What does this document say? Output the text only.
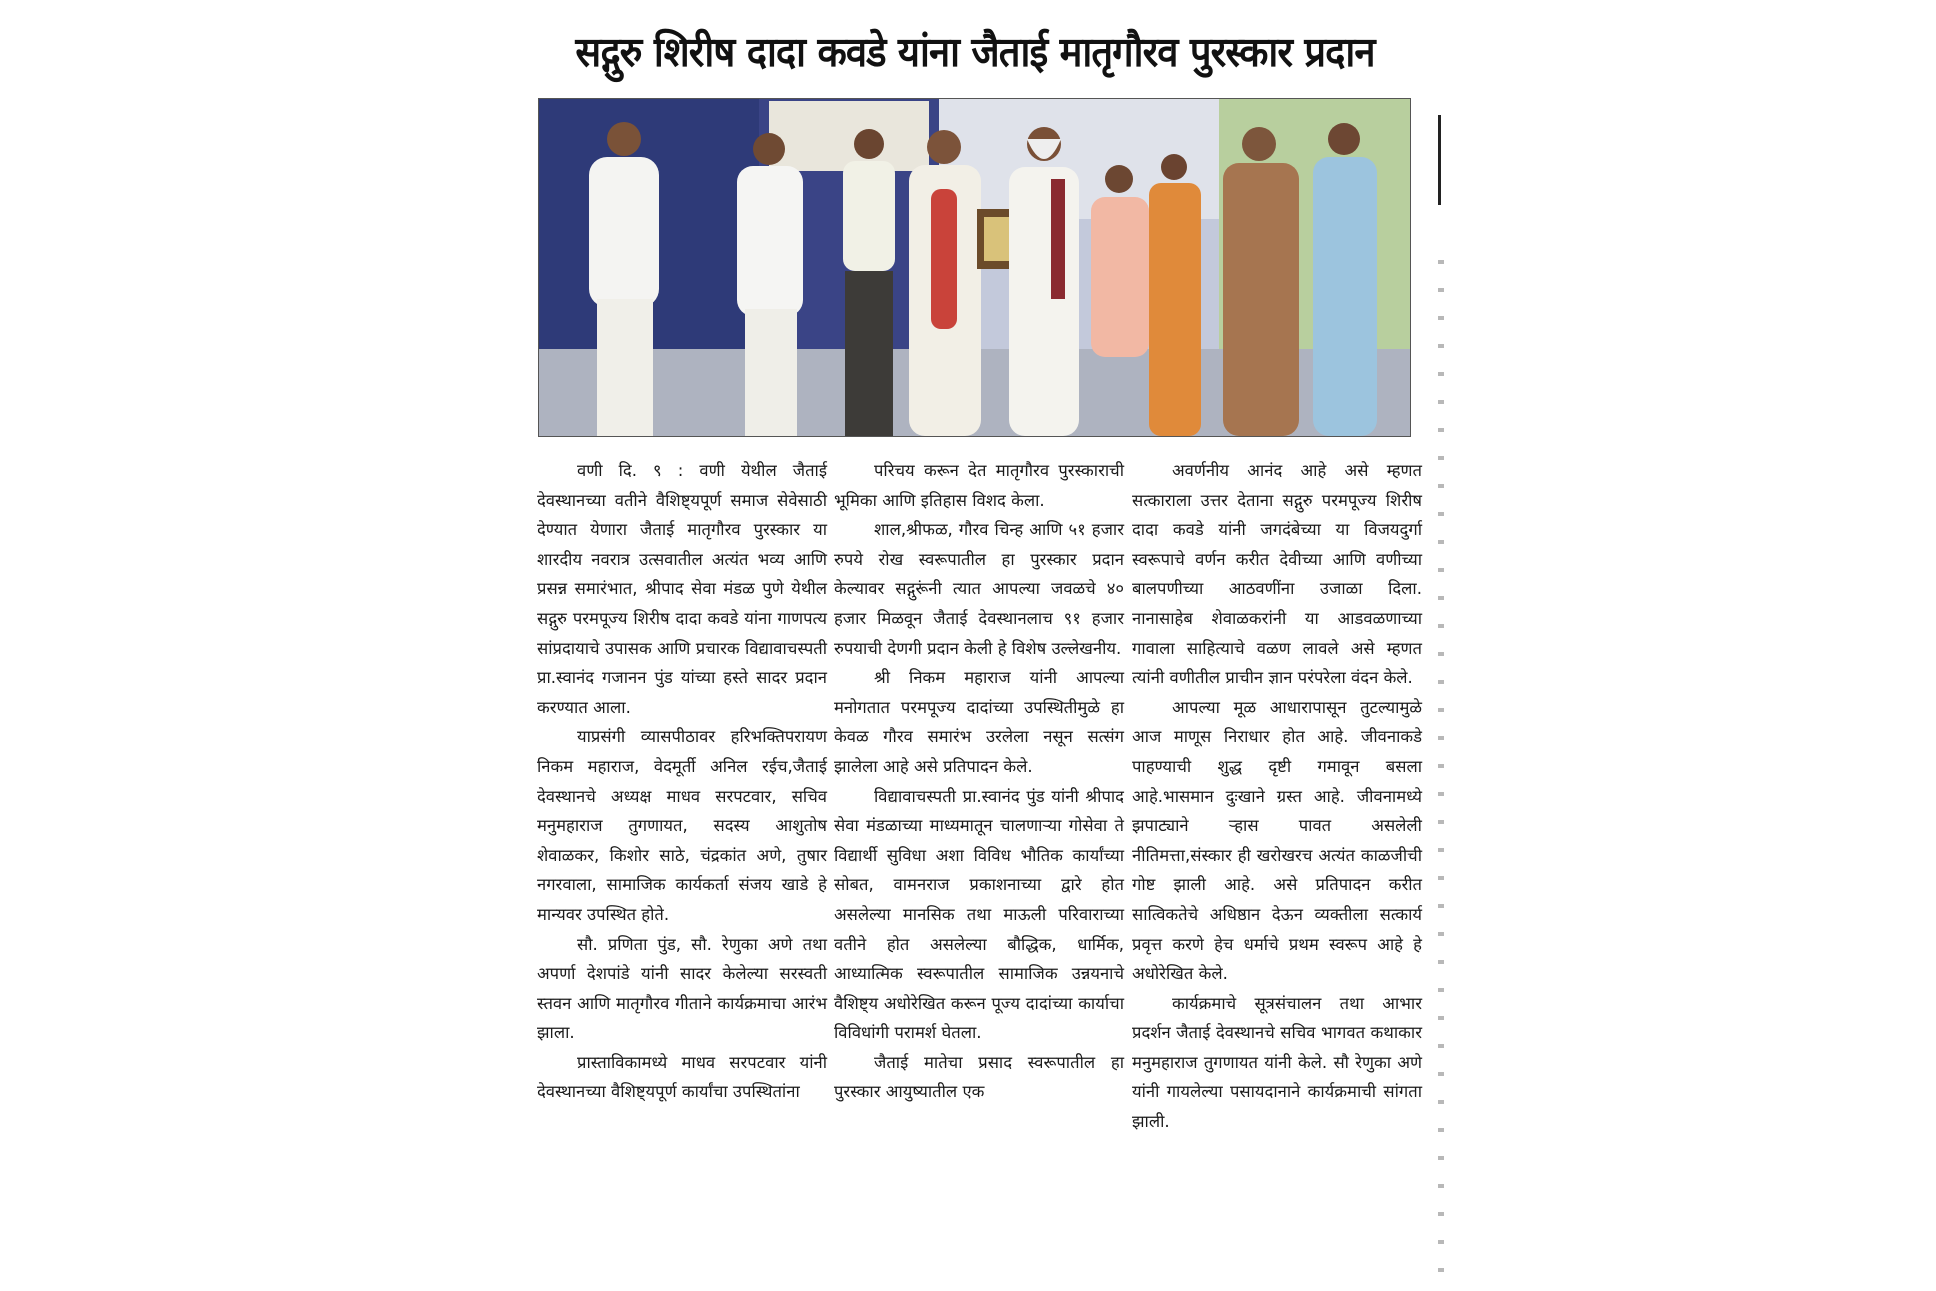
सद्गुरु शिरीष दादा कवडे यांना जैताई मातृगौरव पुरस्कार प्रदान

वणी दि. ९ : वणी येथील जैताई देवस्थानच्या वतीने वैशिष्ट्यपूर्ण समाज सेवेसाठी देण्यात येणारा जैताई मातृगौरव पुरस्कार या शारदीय नवरात्र उत्सवातील अत्यंत भव्य आणि प्रसन्न समारंभात, श्रीपाद सेवा मंडळ पुणे येथील सद्गुरु परमपूज्य शिरीष दादा कवडे यांना गाणपत्य सांप्रदायाचे उपासक आणि प्रचारक विद्यावाचस्पती प्रा.स्वानंद गजानन पुंड यांच्या हस्ते सादर प्रदान करण्यात आला.

याप्रसंगी व्यासपीठावर हरिभक्तिपरायण निकम महाराज, वेदमूर्ती अनिल रईच,जैताई देवस्थानचे अध्यक्ष माधव सरपटवार, सचिव मनुमहाराज तुगणायत, सदस्य आशुतोष शेवाळकर, किशोर साठे, चंद्रकांत अणे, तुषार नगरवाला, सामाजिक कार्यकर्ता संजय खाडे हे मान्यवर उपस्थित होते.

सौ. प्रणिता पुंड, सौ. रेणुका अणे तथा अपर्णा देशपांडे यांनी सादर केलेल्या सरस्वती स्तवन आणि मातृगौरव गीताने कार्यक्रमाचा आरंभ झाला.

प्रास्ताविकामध्ये माधव सरपटवार यांनी देवस्थानच्या वैशिष्ट्यपूर्ण कार्यांचा उपस्थितांना

परिचय करून देत मातृगौरव पुरस्काराची भूमिका आणि इतिहास विशद केला.

शाल,श्रीफळ, गौरव चिन्ह आणि ५१ हजार रुपये रोख स्वरूपातील हा पुरस्कार प्रदान केल्यावर सद्गुरूंनी त्यात आपल्या जवळचे ४० हजार मिळवून जैताई देवस्थानलाच ९१ हजार रुपयाची देणगी प्रदान केली हे विशेष उल्लेखनीय.

श्री निकम महाराज यांनी आपल्या मनोगतात परमपूज्य दादांच्या उपस्थितीमुळे हा केवळ गौरव समारंभ उरलेला नसून सत्संग झालेला आहे असे प्रतिपादन केले.

विद्यावाचस्पती प्रा.स्वानंद पुंड यांनी श्रीपाद सेवा मंडळाच्या माध्यमातून चालणाऱ्या गोसेवा ते विद्यार्थी सुविधा अशा विविध भौतिक कार्यांच्या सोबत, वामनराज प्रकाशनाच्या द्वारे होत असलेल्या मानसिक तथा माऊली परिवाराच्या वतीने होत असलेल्या बौद्धिक, धार्मिक, आध्यात्मिक स्वरूपातील सामाजिक उन्नयनाचे वैशिष्ट्य अधोरेखित करून पूज्य दादांच्या कार्याचा विविधांगी परामर्श घेतला.

जैताई मातेचा प्रसाद स्वरूपातील हा पुरस्कार आयुष्यातील एक

अवर्णनीय आनंद आहे असे म्हणत सत्काराला उत्तर देताना सद्गुरु परमपूज्य शिरीष दादा कवडे यांनी जगदंबेच्या या विजयदुर्गा स्वरूपाचे वर्णन करीत देवीच्या आणि वणीच्या बालपणीच्या आठवणींना उजाळा दिला. नानासाहेब शेवाळकरांनी या आडवळणाच्या गावाला साहित्याचे वळण लावले असे म्हणत त्यांनी वणीतील प्राचीन ज्ञान परंपरेला वंदन केले.

आपल्या मूळ आधारापासून तुटल्यामुळे आज माणूस निराधार होत आहे. जीवनाकडे पाहण्याची शुद्ध दृष्टी गमावून बसला आहे.भासमान दुःखाने ग्रस्त आहे. जीवनामध्ये झपाट्याने ऱ्हास पावत असलेली नीतिमत्ता,संस्कार ही खरोखरच अत्यंत काळजीची गोष्ट झाली आहे. असे प्रतिपादन करीत सात्विकतेचे अधिष्ठान देऊन व्यक्तीला सत्कार्य प्रवृत्त करणे हेच धर्माचे प्रथम स्वरूप आहे हे अधोरेखित केले.

कार्यक्रमाचे सूत्रसंचालन तथा आभार प्रदर्शन जैताई देवस्थानचे सचिव भागवत कथाकार मनुमहाराज तुगणायत यांनी केले. सौ रेणुका अणे यांनी गायलेल्या पसायदानाने कार्यक्रमाची सांगता झाली.
